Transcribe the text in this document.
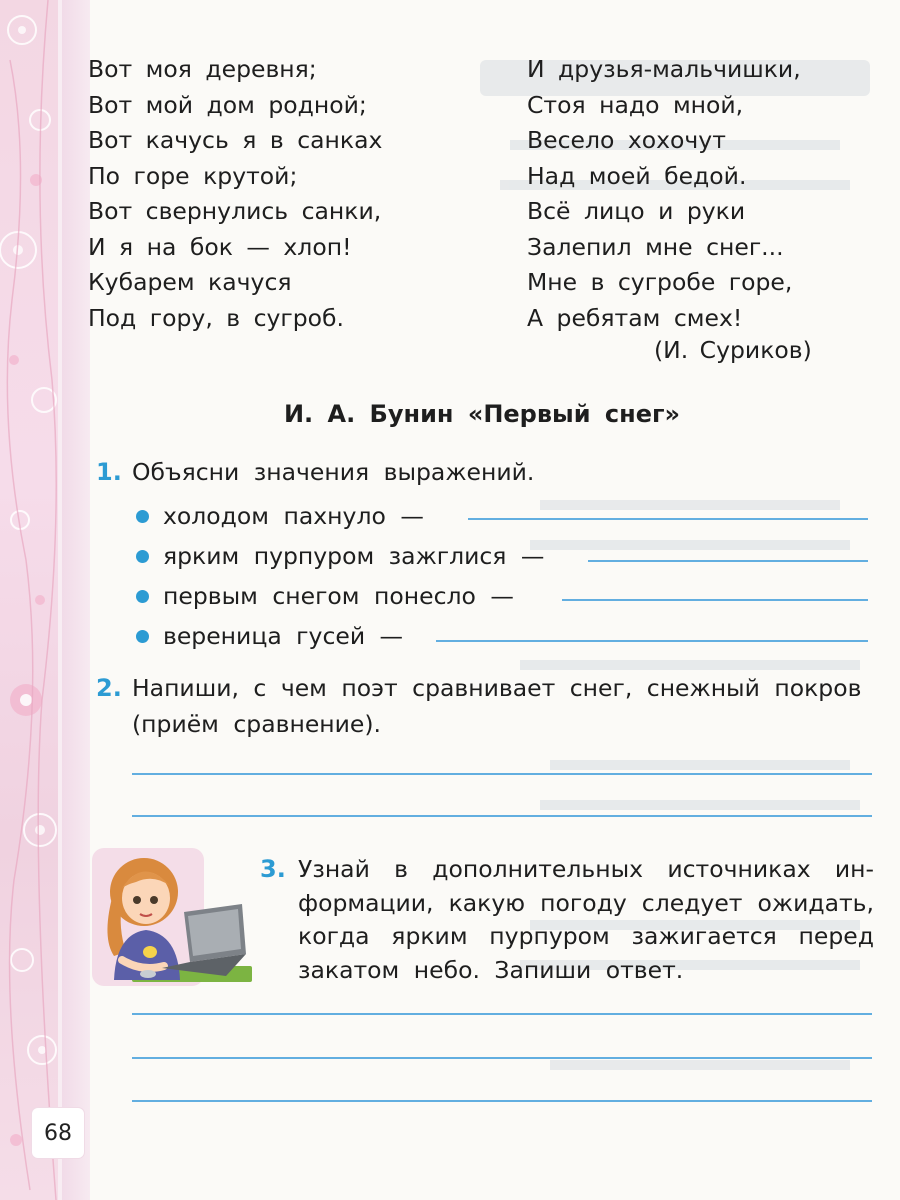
Вот моя деревня;
Вот мой дом родной;
Вот качусь я в санках
По горе крутой;
Вот свернулись санки,
И я на бок — хлоп!
Кубарем качуся
Под гору, в сугроб.
И друзья-мальчишки,
Стоя надо мной,
Весело хохочут
Над моей бедой.
Всё лицо и руки
Залепил мне снег...
Мне в сугробе горе,
А ребятам смех!
(И. Суриков)
И. А. Бунин «Первый снег»
1. Объясни значения выражений.
холодом пахнуло —
ярким пурпуром зажглися —
первым снегом понесло —
вереница гусей —
2. Напиши, с чем поэт сравнивает снег, снежный покров
(приём сравнение).
3. Узнай в дополнительных источниках ин-
формации, какую погоду следует ожидать,
когда ярким пурпуром зажигается перед
закатом небо. Запиши ответ.
68
